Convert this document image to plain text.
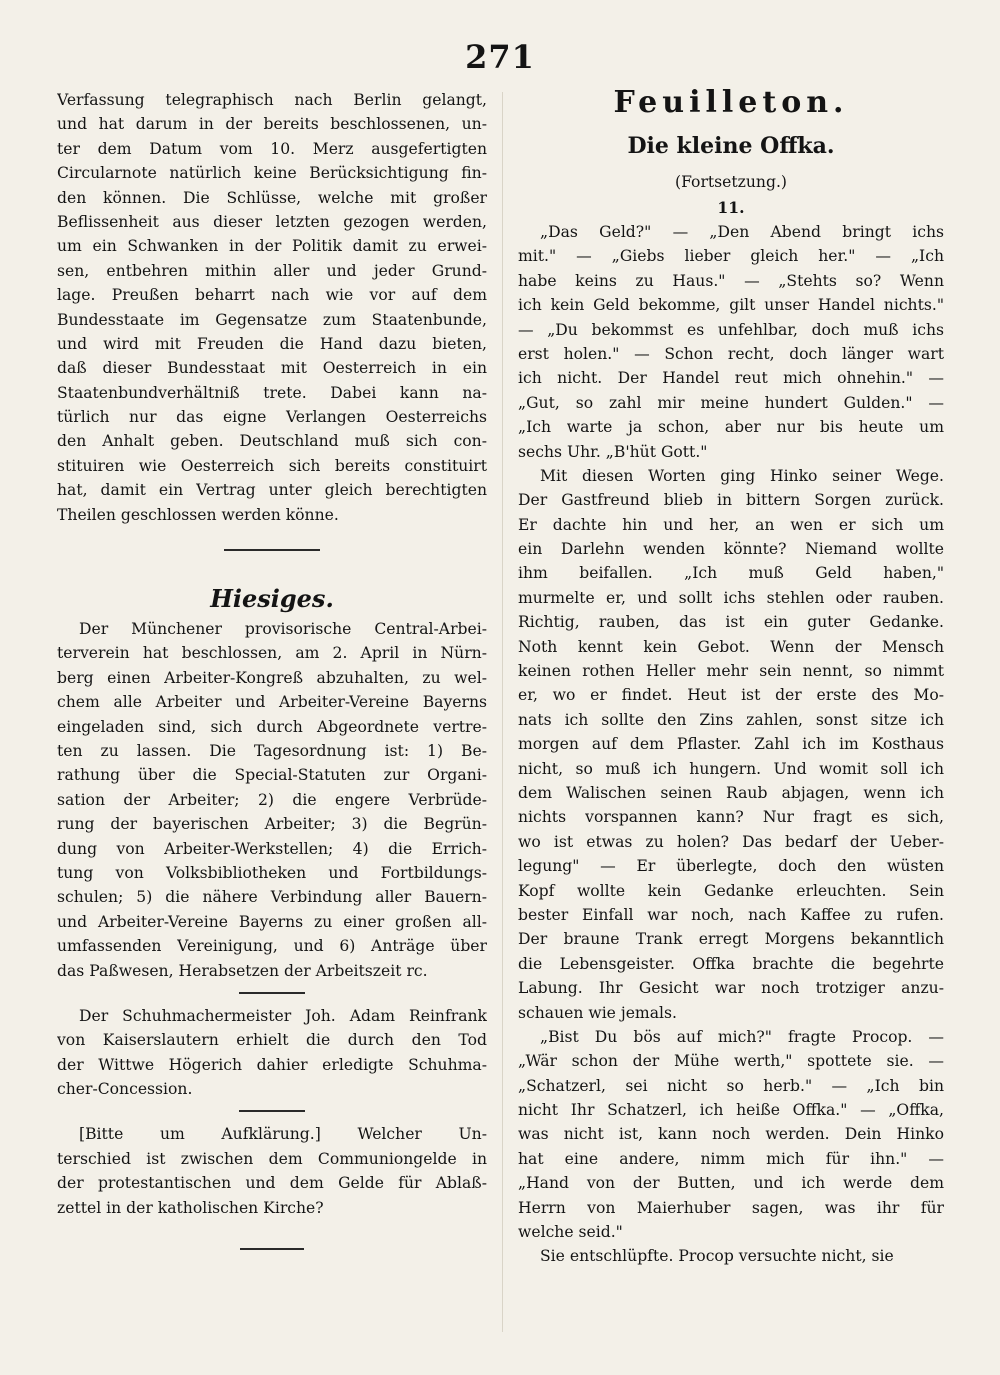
271
Verfassung telegraphisch nach Berlin gelangt,
und hat darum in der bereits beschlossenen, un-
ter dem Datum vom 10. Merz ausgefertigten
Circularnote natürlich keine Berücksichtigung fin-
den können. Die Schlüsse, welche mit großer
Beflissenheit aus dieser letzten gezogen werden,
um ein Schwanken in der Politik damit zu erwei-
sen, entbehren mithin aller und jeder Grund-
lage. Preußen beharrt nach wie vor auf dem
Bundesstaate im Gegensatze zum Staatenbunde,
und wird mit Freuden die Hand dazu bieten,
daß dieser Bundesstaat mit Oesterreich in ein
Staatenbundverhältniß trete. Dabei kann na-
türlich nur das eigne Verlangen Oesterreichs
den Anhalt geben. Deutschland muß sich con-
stituiren wie Oesterreich sich bereits constituirt
hat, damit ein Vertrag unter gleich berechtigten
Theilen geschlossen werden könne.
Hiesiges.
Der Münchener provisorische Central-Arbei-
terverein hat beschlossen, am 2. April in Nürn-
berg einen Arbeiter-Kongreß abzuhalten, zu wel-
chem alle Arbeiter und Arbeiter-Vereine Bayerns
eingeladen sind, sich durch Abgeordnete vertre-
ten zu lassen. Die Tagesordnung ist: 1) Be-
rathung über die Special-Statuten zur Organi-
sation der Arbeiter; 2) die engere Verbrüde-
rung der bayerischen Arbeiter; 3) die Begrün-
dung von Arbeiter-Werkstellen; 4) die Errich-
tung von Volksbibliotheken und Fortbildungs-
schulen; 5) die nähere Verbindung aller Bauern-
und Arbeiter-Vereine Bayerns zu einer großen all-
umfassenden Vereinigung, und 6) Anträge über
das Paßwesen, Herabsetzen der Arbeitszeit rc.
Der Schuhmachermeister Joh. Adam Reinfrank
von Kaiserslautern erhielt die durch den Tod
der Wittwe Högerich dahier erledigte Schuhma-
cher-Concession.
[Bitte um Aufklärung.] Welcher Un-
terschied ist zwischen dem Communiongelde in
der protestantischen und dem Gelde für Ablaß-
zettel in der katholischen Kirche?
Feuilleton.
Die kleine Offka.
(Fortsetzung.)
11.
„Das Geld?" — „Den Abend bringt ichs
mit." — „Giebs lieber gleich her." — „Ich
habe keins zu Haus." — „Stehts so? Wenn
ich kein Geld bekomme, gilt unser Handel nichts."
— „Du bekommst es unfehlbar, doch muß ichs
erst holen." — Schon recht, doch länger wart
ich nicht. Der Handel reut mich ohnehin." —
„Gut, so zahl mir meine hundert Gulden." —
„Ich warte ja schon, aber nur bis heute um
sechs Uhr. „B'hüt Gott."
Mit diesen Worten ging Hinko seiner Wege.
Der Gastfreund blieb in bittern Sorgen zurück.
Er dachte hin und her, an wen er sich um
ein Darlehn wenden könnte? Niemand wollte
ihm beifallen. „Ich muß Geld haben,"
murmelte er, und sollt ichs stehlen oder rauben.
Richtig, rauben, das ist ein guter Gedanke.
Noth kennt kein Gebot. Wenn der Mensch
keinen rothen Heller mehr sein nennt, so nimmt
er, wo er findet. Heut ist der erste des Mo-
nats ich sollte den Zins zahlen, sonst sitze ich
morgen auf dem Pflaster. Zahl ich im Kosthaus
nicht, so muß ich hungern. Und womit soll ich
dem Walischen seinen Raub abjagen, wenn ich
nichts vorspannen kann? Nur fragt es sich,
wo ist etwas zu holen? Das bedarf der Ueber-
legung" — Er überlegte, doch den wüsten
Kopf wollte kein Gedanke erleuchten. Sein
bester Einfall war noch, nach Kaffee zu rufen.
Der braune Trank erregt Morgens bekanntlich
die Lebensgeister. Offka brachte die begehrte
Labung. Ihr Gesicht war noch trotziger anzu-
schauen wie jemals.
„Bist Du bös auf mich?" fragte Procop. —
„Wär schon der Mühe werth," spottete sie. —
„Schatzerl, sei nicht so herb." — „Ich bin
nicht Ihr Schatzerl, ich heiße Offka." — „Offka,
was nicht ist, kann noch werden. Dein Hinko
hat eine andere, nimm mich für ihn." —
„Hand von der Butten, und ich werde dem
Herrn von Maierhuber sagen, was ihr für
welche seid."
Sie entschlüpfte. Procop versuchte nicht, sie
